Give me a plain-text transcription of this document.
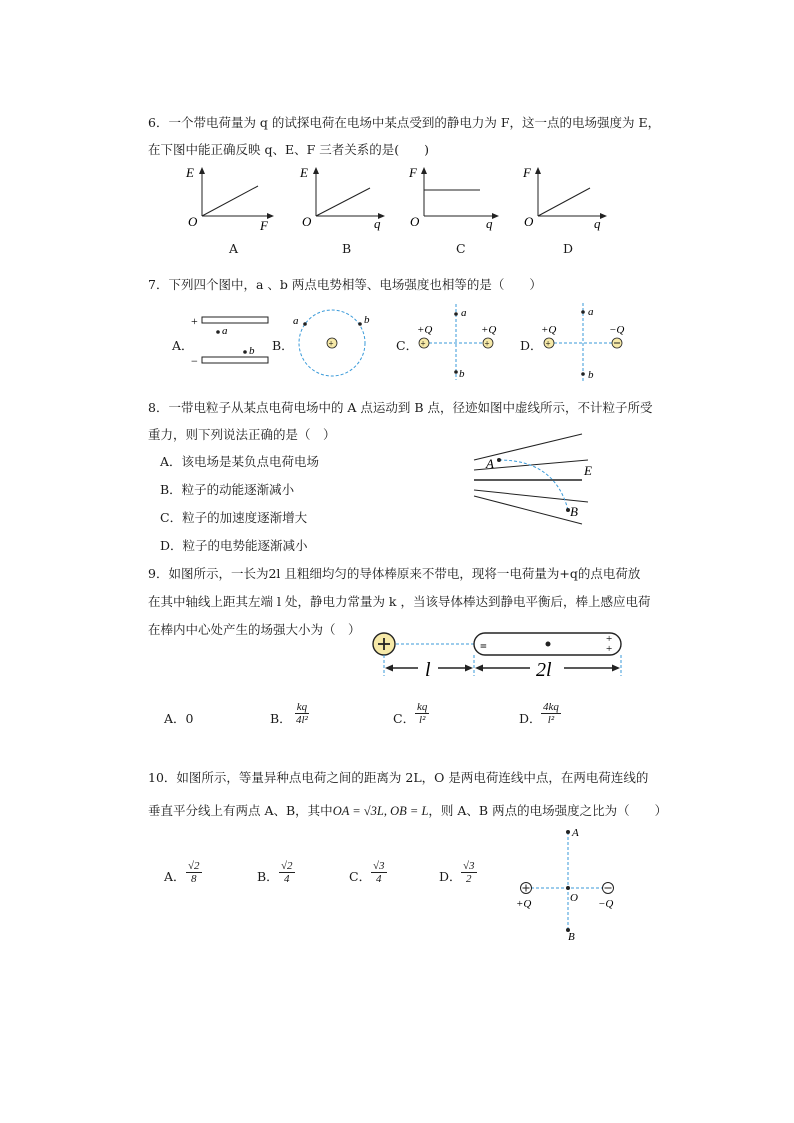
6．一个带电荷量为 q 的试探电荷在电场中某点受到的静电力为 F，这一点的电场强度为 E，
在下图中能正确反映 q、E、F 三者关系的是(　　)
E
O	F
A
E
O	q
B
F
O	q
C
F
O	q
D
7．下列四个图中，a 、b 两点电势相等、电场强度也相等的是（　　）
A．
+
−
a
b B．	+
a	b
C． +	+
+Q	+Q
a
b
D． +
+Q	−Q
a
b
8．一带电粒子从某点电荷电场中的 A 点运动到 B 点，径迹如图中虚线所示，不计粒子所受
重力，则下列说法正确的是（　）
A．该电场是某负点电荷电场
B．粒子的动能逐渐减小
C．粒子的加速度逐渐增大
D．粒子的电势能逐渐减小
A
B
E
9．如图所示，一长为2l 且粗细均匀的导体棒原来不带电，现将一电荷量为+q的点电荷放
在其中轴线上距其左端 l 处，静电力常量为 k ，当该导体棒达到静电平衡后，棒上感应电荷
在棒内中心处产生的场强大小为（　）
=	+
+
l	2l
A．0	B． $\frac{kq}{\text{4l²}}$	C． $\frac{kq}{\text{l²}}$	D． $\frac{4kq}{\text{l²}}$
10．如图所示，等量异种点电荷之间的距离为 2L，O 是两电荷连线中点，在两电荷连线的
垂直平分线上有两点 A、B，其中OA = √3L, OB = L，则 A、B 两点的电场强度之比为（　　）
A． $\frac{√2}{8}$	B． $\frac{√2}{4}$	C． $\frac{√3}{4}$	D． $\frac{√3}{2}$
A
O
B
+Q	−Q
